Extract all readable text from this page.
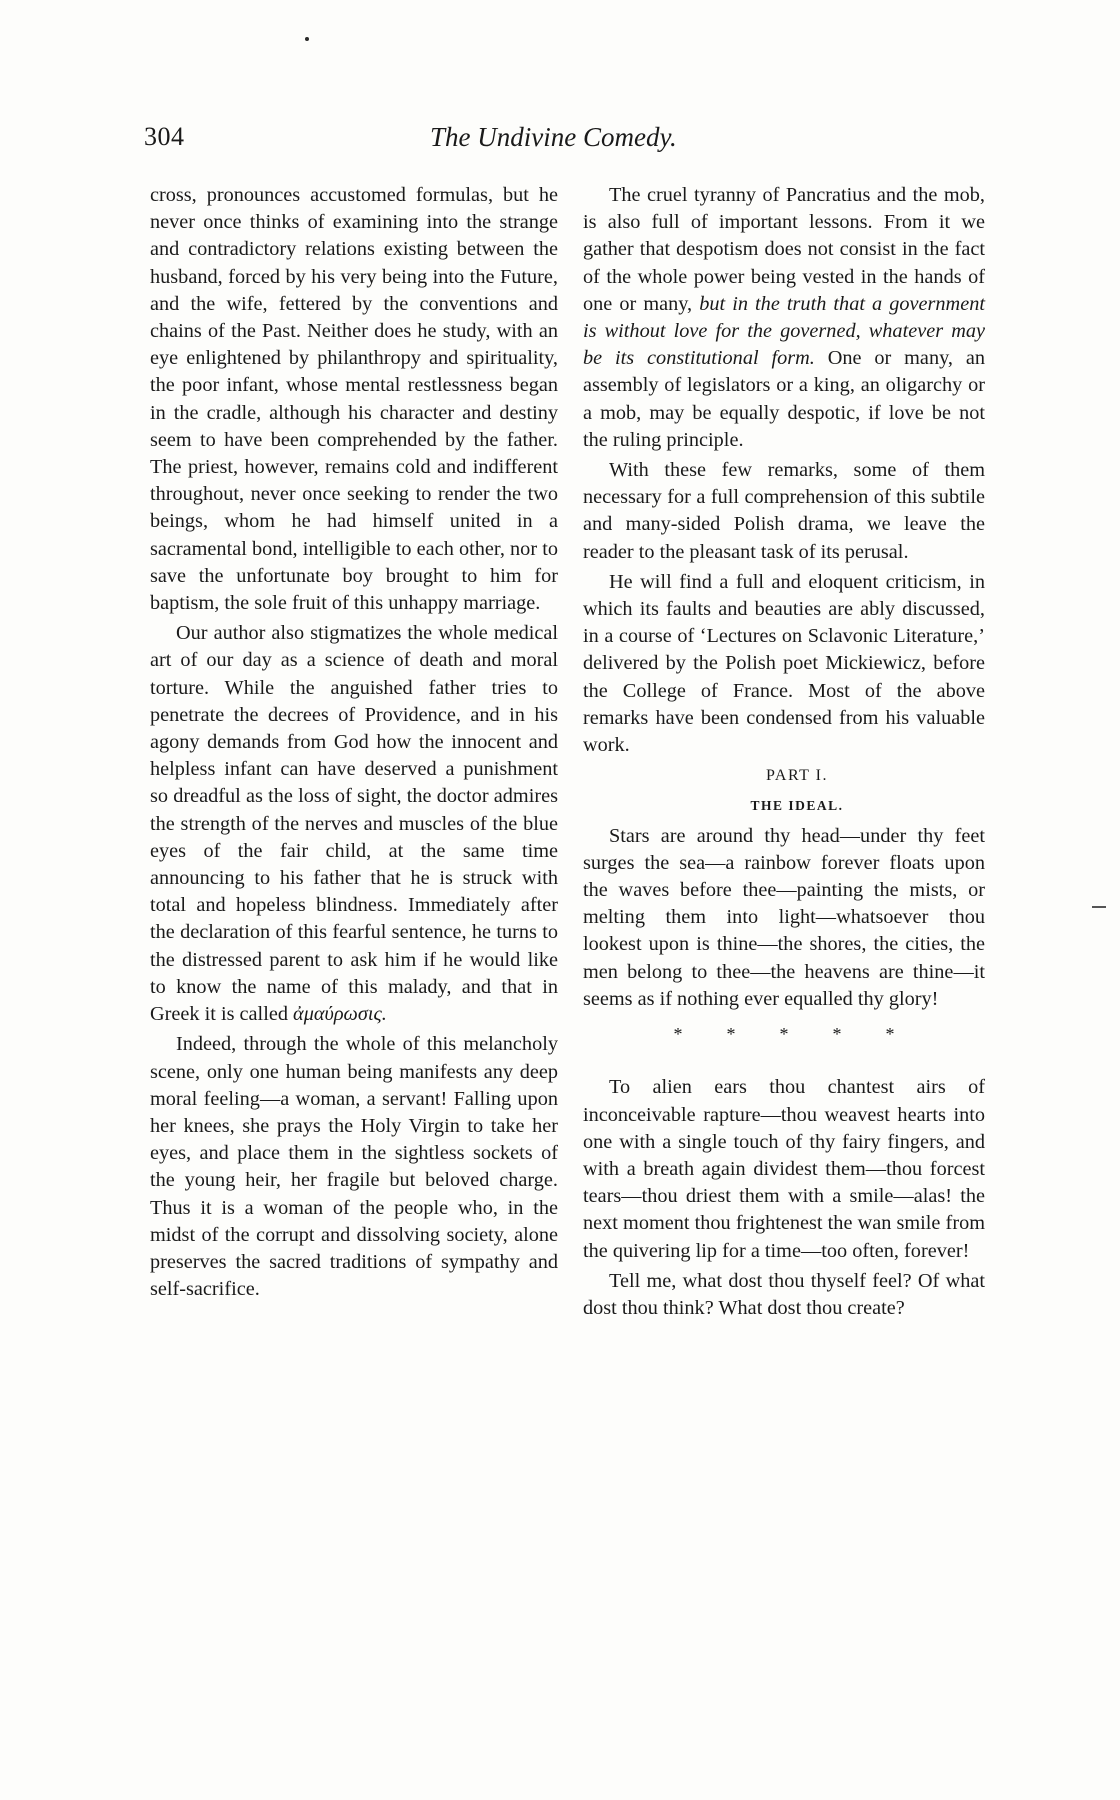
304	The Undivine Comedy.

cross, pronounces accustomed formulas, but he never once thinks of examining into the strange and contradictory relations existing between the husband, forced by his very being into the Future, and the wife, fettered by the conventions and chains of the Past. Neither does he study, with an eye enlightened by philanthropy and spirituality, the poor infant, whose mental restlessness began in the cradle, although his character and destiny seem to have been comprehended by the father. The priest, however, remains cold and indifferent throughout, never once seeking to render the two beings, whom he had himself united in a sacramental bond, intelligible to each other, nor to save the unfortunate boy brought to him for baptism, the sole fruit of this unhappy marriage.

Our author also stigmatizes the whole medical art of our day as a science of death and moral torture. While the anguished father tries to penetrate the decrees of Providence, and in his agony demands from God how the innocent and helpless infant can have deserved a punishment so dreadful as the loss of sight, the doctor admires the strength of the nerves and muscles of the blue eyes of the fair child, at the same time announcing to his father that he is struck with total and hopeless blindness. Immediately after the declaration of this fearful sentence, he turns to the distressed parent to ask him if he would like to know the name of this malady, and that in Greek it is called ἀμαύρωσις.

Indeed, through the whole of this melancholy scene, only one human being manifests any deep moral feeling—a woman, a servant! Falling upon her knees, she prays the Holy Virgin to take her eyes, and place them in the sightless sockets of the young heir, her fragile but beloved charge. Thus it is a woman of the people who, in the midst of the corrupt and dissolving society, alone preserves the sacred traditions of sympathy and self-sacrifice.

The cruel tyranny of Pancratius and the mob, is also full of important lessons. From it we gather that despotism does not consist in the fact of the whole power being vested in the hands of one or many, but in the truth that a government is without love for the governed, whatever may be its constitutional form. One or many, an assembly of legislators or a king, an oligarchy or a mob, may be equally despotic, if love be not the ruling principle.

With these few remarks, some of them necessary for a full comprehension of this subtile and many-sided Polish drama, we leave the reader to the pleasant task of its perusal.

He will find a full and eloquent criticism, in which its faults and beauties are ably discussed, in a course of ‘Lectures on Sclavonic Literature,’ delivered by the Polish poet Mickiewicz, before the College of France. Most of the above remarks have been condensed from his valuable work.

PART I.

THE IDEAL.

Stars are around thy head—under thy feet surges the sea—a rainbow forever floats upon the waves before thee—painting the mists, or melting them into light—whatsoever thou lookest upon is thine—the shores, the cities, the men belong to thee—the heavens are thine—it seems as if nothing ever equalled thy glory!

* * * * *

To alien ears thou chantest airs of inconceivable rapture—thou weavest hearts into one with a single touch of thy fairy fingers, and with a breath again dividest them—thou forcest tears—thou driest them with a smile—alas! the next moment thou frightenest the wan smile from the quivering lip for a time—too often, forever!

Tell me, what dost thou thyself feel? Of what dost thou think? What dost thou create?
